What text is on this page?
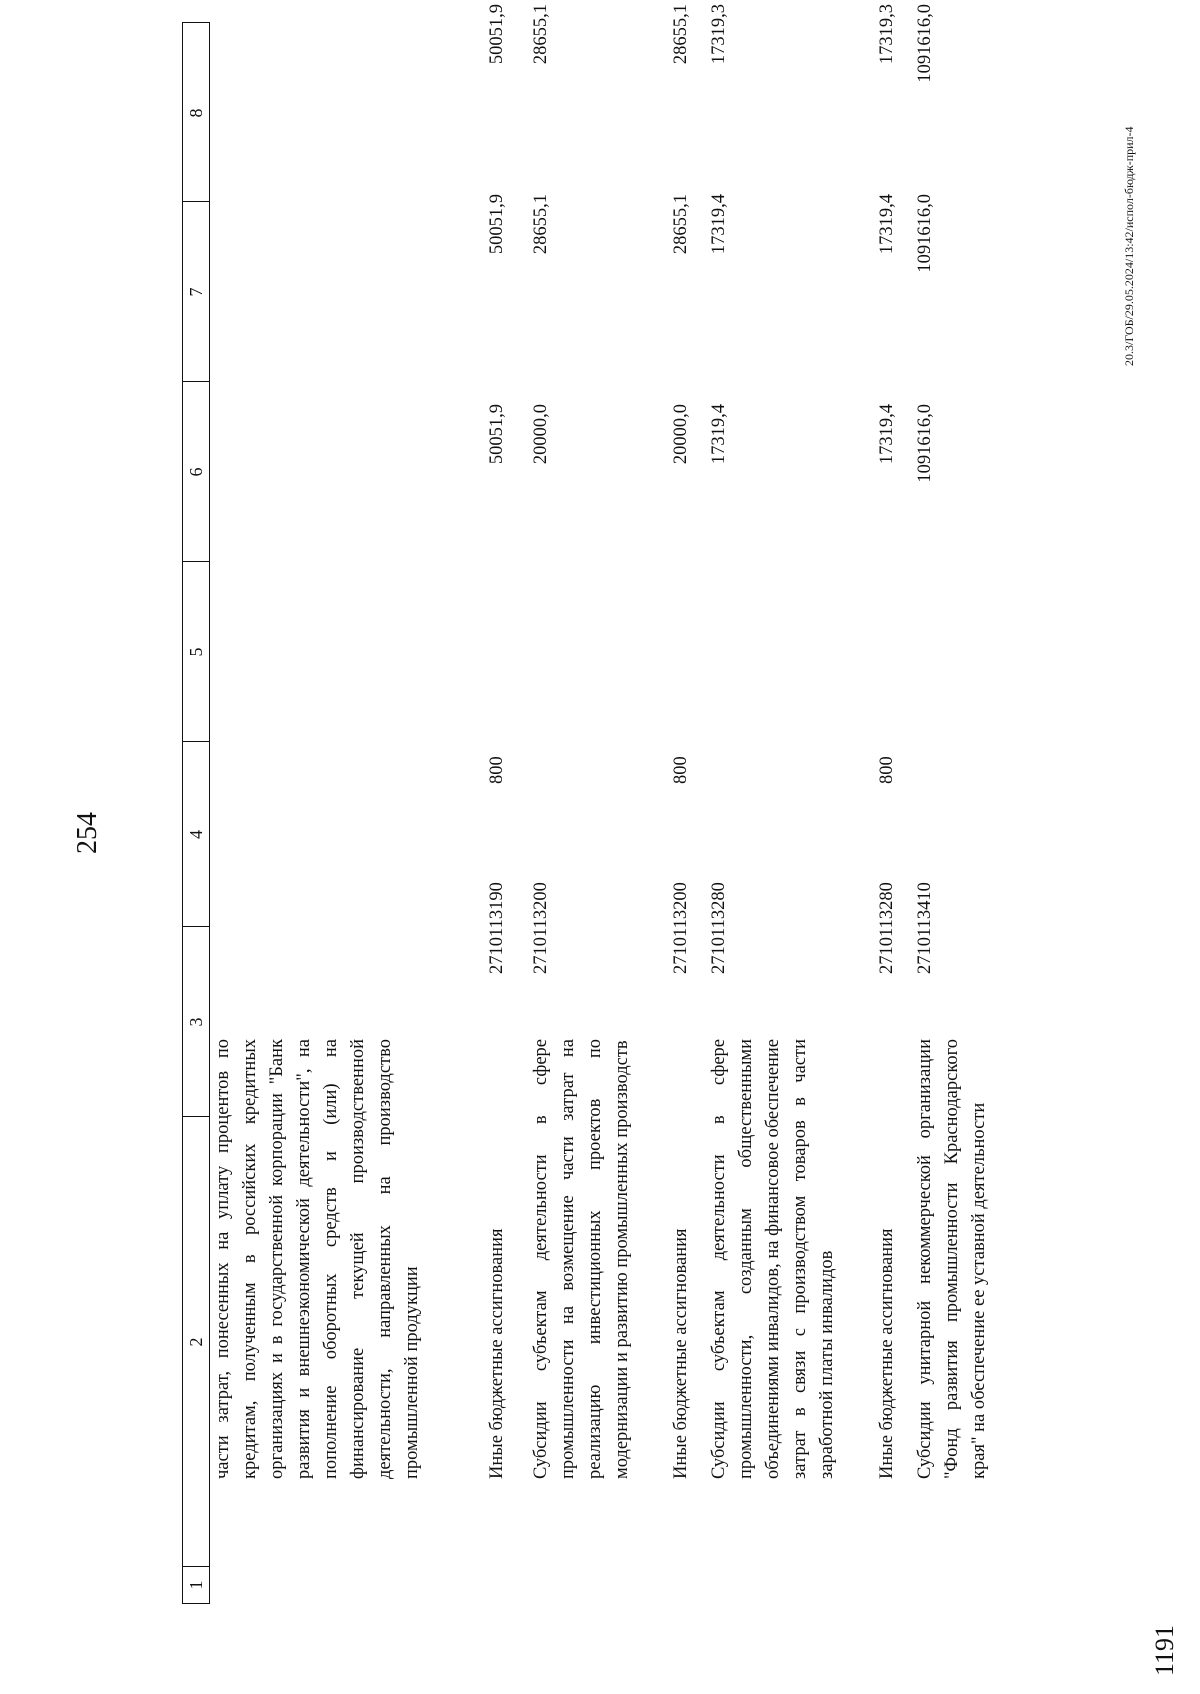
254
1
2
3
4
5
6
7
8
части затрат, понесенных на уплату процентов по кредитам, полученным в российских кредитных организациях и в государственной корпорации "Банк развития и внешнеэкономической деятельности", на пополнение оборотных средств и (или) на финансирование текущей производственной деятельности, направленных на производство промышленной продукции	Иные бюджетные ассигнования
2710113190
800
50051,9
50051,9
50051,9
Субсидии субъектам деятельности в сфере промышленности на возмещение части затрат на реализацию инвестиционных проектов по модернизации и развитию промышленных производств
2710113200
20000,0
28655,1
28655,1
Иные бюджетные ассигнования
2710113200
800
20000,0
28655,1
28655,1
Субсидии субъектам деятельности в сфере промышленности, созданным общественными объединениями инвалидов, на финансовое обеспечение затрат в связи с производством товаров в части заработной платы инвалидов
2710113280
17319,4
17319,4
17319,3
Иные бюджетные ассигнования
2710113280
800
17319,4
17319,4
17319,3
Субсидии унитарной некоммерческой организации "Фонд развития промышленности Краснодарского края" на обеспечение ее уставной деятельности
2710113410
1091616,0
1091616,0
1091616,0
20.3/ГОБ/29.05.2024/13:42/испол-бюдж-прил-4
1191
